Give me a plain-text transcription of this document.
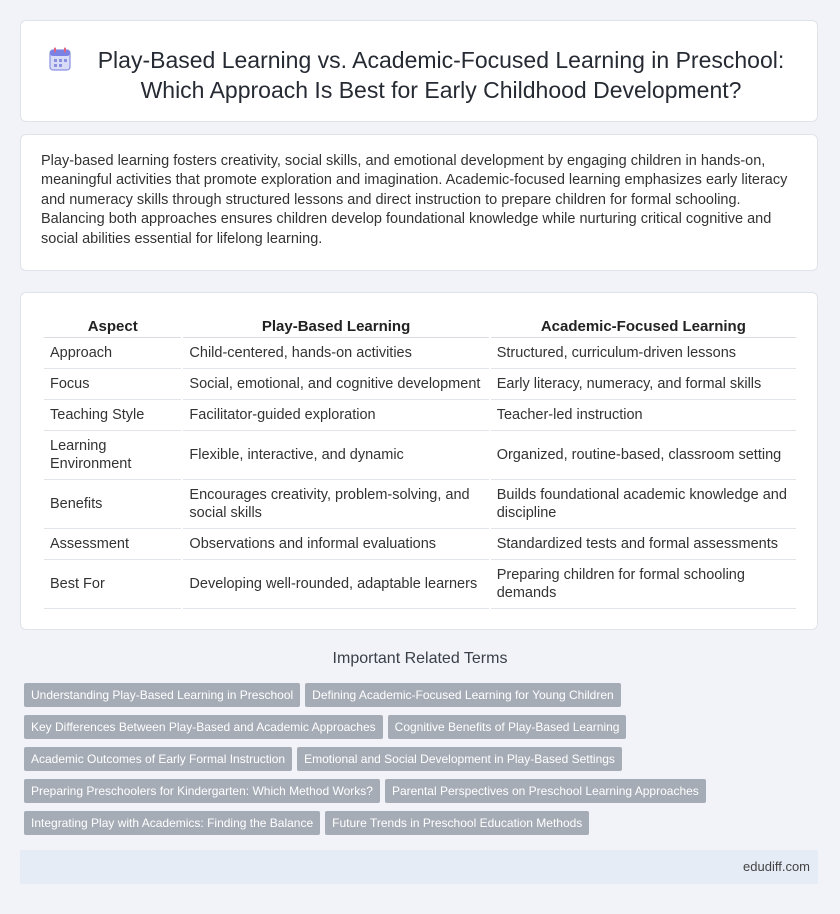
Play-Based Learning vs. Academic-Focused Learning in Preschool: Which Approach Is Best for Early Childhood Development?

Play-based learning fosters creativity, social skills, and emotional development by engaging children in hands-on, meaningful activities that promote exploration and imagination. Academic-focused learning emphasizes early literacy and numeracy skills through structured lessons and direct instruction to prepare children for formal schooling. Balancing both approaches ensures children develop foundational knowledge while nurturing critical cognitive and social abilities essential for lifelong learning.

Aspect	Play-Based Learning	Academic-Focused Learning
Approach	Child-centered, hands-on activities	Structured, curriculum-driven lessons
Focus	Social, emotional, and cognitive development	Early literacy, numeracy, and formal skills
Teaching Style	Facilitator-guided exploration	Teacher-led instruction
Learning Environment	Flexible, interactive, and dynamic	Organized, routine-based, classroom setting
Benefits	Encourages creativity, problem-solving, and social skills	Builds foundational academic knowledge and discipline
Assessment	Observations and informal evaluations	Standardized tests and formal assessments
Best For	Developing well-rounded, adaptable learners	Preparing children for formal schooling demands
Important Related Terms
Understanding Play-Based Learning in Preschool Defining Academic-Focused Learning for Young Children
Key Differences Between Play-Based and Academic Approaches Cognitive Benefits of Play-Based Learning
Academic Outcomes of Early Formal Instruction Emotional and Social Development in Play-Based Settings
Preparing Preschoolers for Kindergarten: Which Method Works? Parental Perspectives on Preschool Learning Approaches
Integrating Play with Academics: Finding the Balance Future Trends in Preschool Education Methods
edudiff.com
